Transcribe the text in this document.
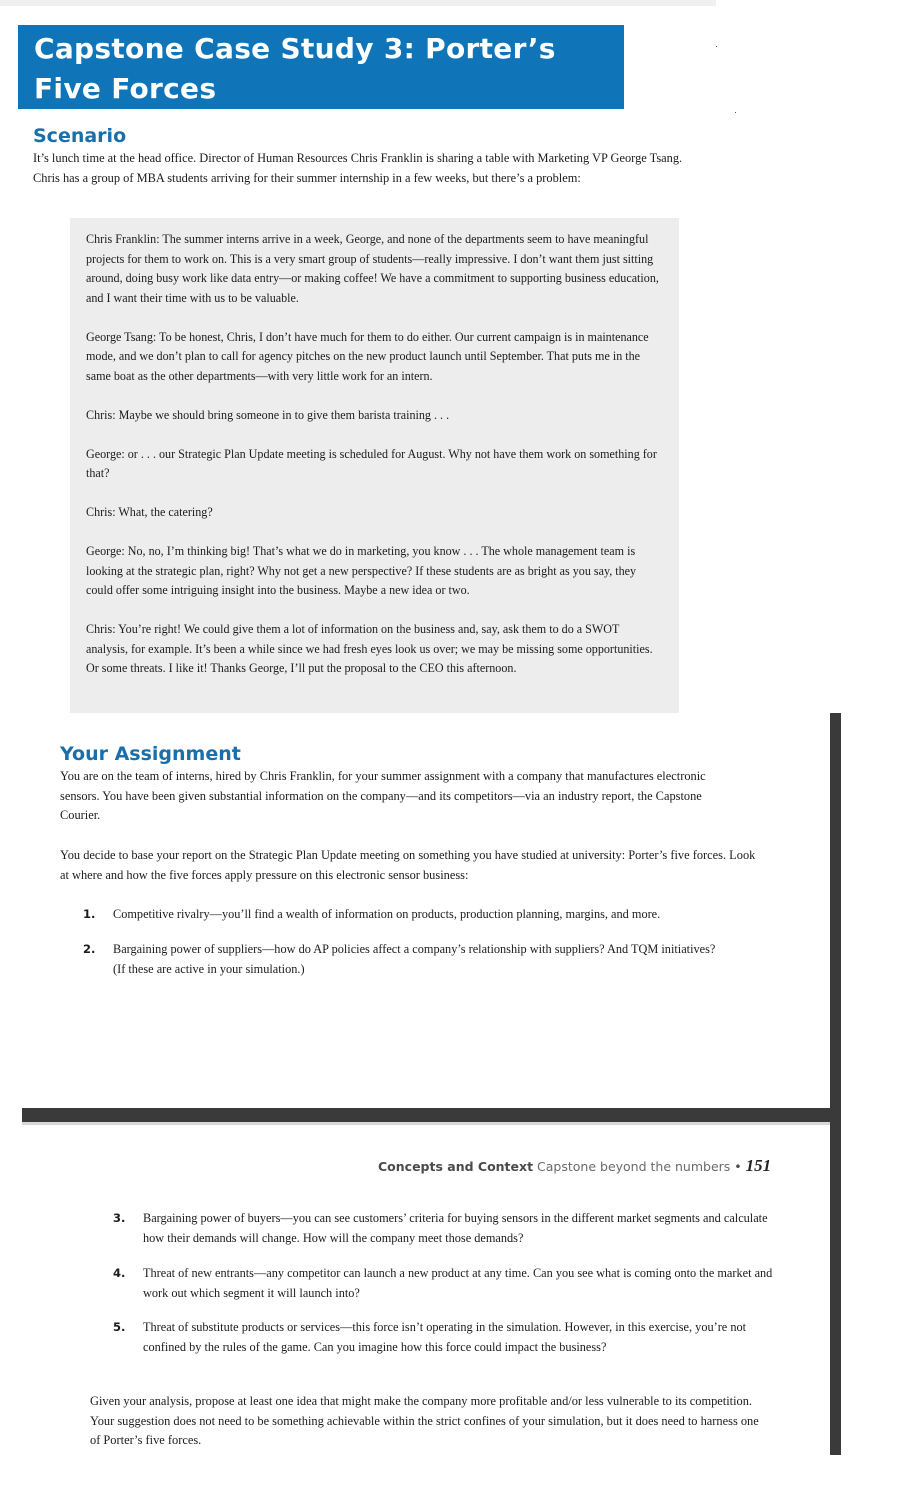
Capstone Case Study 3: Porter’s Five Forces
Scenario

It’s lunch time at the head office. Director of Human Resources Chris Franklin is sharing a table with Marketing VP George Tsang. Chris has a group of MBA students arriving for their summer internship in a few weeks, but there’s a problem:

Chris Franklin: The summer interns arrive in a week, George, and none of the departments seem to have meaningful projects for them to work on. This is a very smart group of students—really impressive. I don’t want them just sitting around, doing busy work like data entry—or making coffee! We have a commitment to supporting business education, and I want their time with us to be valuable.

George Tsang: To be honest, Chris, I don’t have much for them to do either. Our current campaign is in maintenance mode, and we don’t plan to call for agency pitches on the new product launch until September. That puts me in the same boat as the other departments—with very little work for an intern.

Chris: Maybe we should bring someone in to give them barista training . . .

George: or . . . our Strategic Plan Update meeting is scheduled for August. Why not have them work on something for that?

Chris: What, the catering?

George: No, no, I’m thinking big! That’s what we do in marketing, you know . . . The whole management team is looking at the strategic plan, right? Why not get a new perspective? If these students are as bright as you say, they could offer some intriguing insight into the business. Maybe a new idea or two.

Chris: You’re right! We could give them a lot of information on the business and, say, ask them to do a SWOT analysis, for example. It’s been a while since we had fresh eyes look us over; we may be missing some opportunities. Or some threats. I like it! Thanks George, I’ll put the proposal to the CEO this afternoon.

Your Assignment

You are on the team of interns, hired by Chris Franklin, for your summer assignment with a company that manufactures electronic sensors. You have been given substantial information on the company—and its competitors—via an industry report, the Capstone Courier.

You decide to base your report on the Strategic Plan Update meeting on something you have studied at university: Porter’s five forces. Look at where and how the five forces apply pressure on this electronic sensor business:

1. Competitive rivalry—you’ll find a wealth of information on products, production planning, margins, and more.
2. Bargaining power of suppliers—how do AP policies affect a company’s relationship with suppliers? And TQM initiatives? (If these are active in your simulation.)
Concepts and Context Capstone beyond the numbers • 151
3. Bargaining power of buyers—you can see customers’ criteria for buying sensors in the different market segments and calculate how their demands will change. How will the company meet those demands?
4. Threat of new entrants—any competitor can launch a new product at any time. Can you see what is coming onto the market and work out which segment it will launch into?
5. Threat of substitute products or services—this force isn’t operating in the simulation. However, in this exercise, you’re not confined by the rules of the game. Can you imagine how this force could impact the business?

Given your analysis, propose at least one idea that might make the company more profitable and/or less vulnerable to its competition. Your suggestion does not need to be something achievable within the strict confines of your simulation, but it does need to harness one of Porter’s five forces.
